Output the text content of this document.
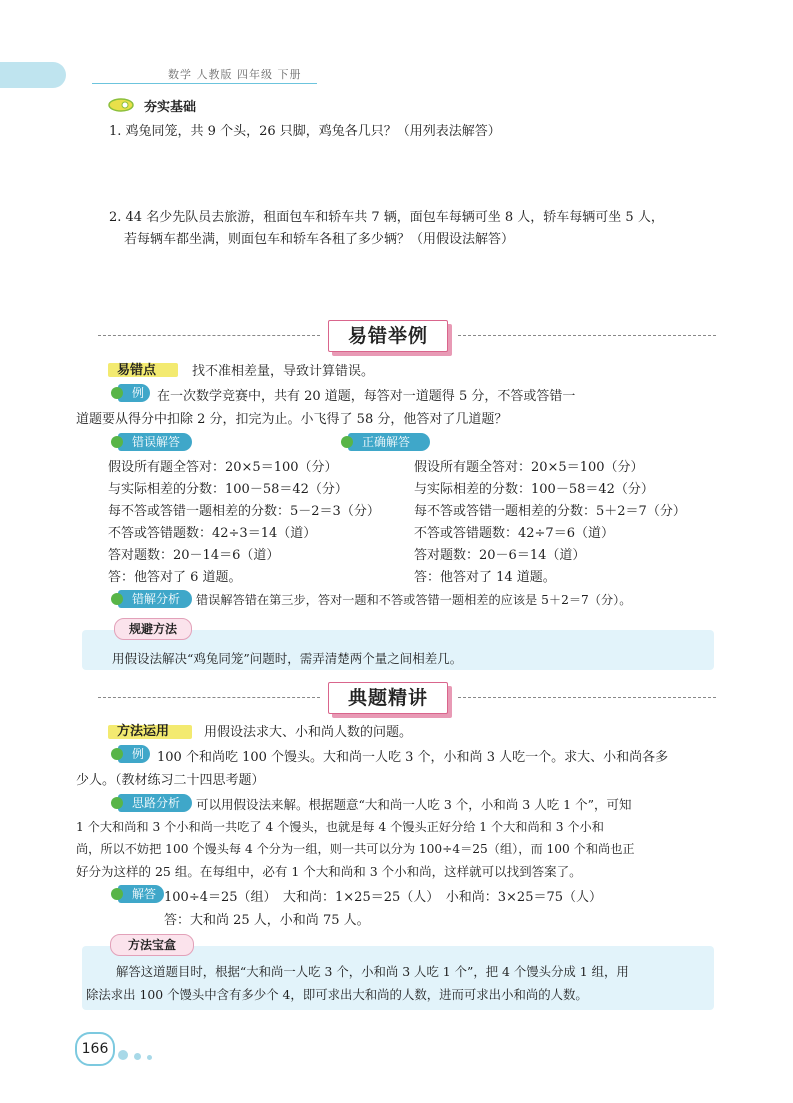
数学 人教版 四年级 下册
夯实基础
1. 鸡兔同笼，共 9 个头，26 只脚，鸡兔各几只？（用列表法解答）
2. 44 名少先队员去旅游，租面包车和轿车共 7 辆，面包车每辆可坐 8 人，轿车每辆可坐 5 人，
若每辆车都坐满，则面包车和轿车各租了多少辆？（用假设法解答）
易错举例
易错点	找不准相差量，导致计算错误。
例 在一次数学竞赛中，共有 20 道题，每答对一道题得 5 分，不答或答错一
道题要从得分中扣除 2 分，扣完为止。小飞得了 58 分，他答对了几道题？
错误解答	正确解答
假设所有题全答对：20×5＝100（分）
与实际相差的分数：100－58＝42（分）
每不答或答错一题相差的分数：5－2＝3（分）
不答或答错题数：42÷3＝14（道）
答对题数：20－14＝6（道）
答：他答对了 6 道题。
假设所有题全答对：20×5＝100（分）
与实际相差的分数：100－58＝42（分）
每不答或答错一题相差的分数：5＋2＝7（分）
不答或答错题数：42÷7＝6（道）
答对题数：20－6＝14（道）
答：他答对了 14 道题。
错解分析	错误解答错在第三步，答对一题和不答或答错一题相差的应该是 5＋2＝7（分）。
规避方法
用假设法解决“鸡兔同笼”问题时，需弄清楚两个量之间相差几。
典题精讲
方法运用	用假设法求大、小和尚人数的问题。
例 100 个和尚吃 100 个馒头。大和尚一人吃 3 个，小和尚 3 人吃一个。求大、小和尚各多
少人。（教材练习二十四思考题）
思路分析	可以用假设法来解。根据题意“大和尚一人吃 3 个，小和尚 3 人吃 1 个”，可知
1 个大和尚和 3 个小和尚一共吃了 4 个馒头，也就是每 4 个馒头正好分给 1 个大和尚和 3 个小和
尚，所以不妨把 100 个馒头每 4 个分为一组，则一共可以分为 100÷4＝25（组），而 100 个和尚也正
好分为这样的 25 组。在每组中，必有 1 个大和尚和 3 个小和尚，这样就可以找到答案了。
解答 100÷4＝25（组）　大和尚：1×25＝25（人）　小和尚：3×25＝75（人）
答：大和尚 25 人，小和尚 75 人。
方法宝盒
解答这道题目时，根据“大和尚一人吃 3 个，小和尚 3 人吃 1 个”，把 4 个馒头分成 1 组，用
除法求出 100 个馒头中含有多少个 4，即可求出大和尚的人数，进而可求出小和尚的人数。
166
